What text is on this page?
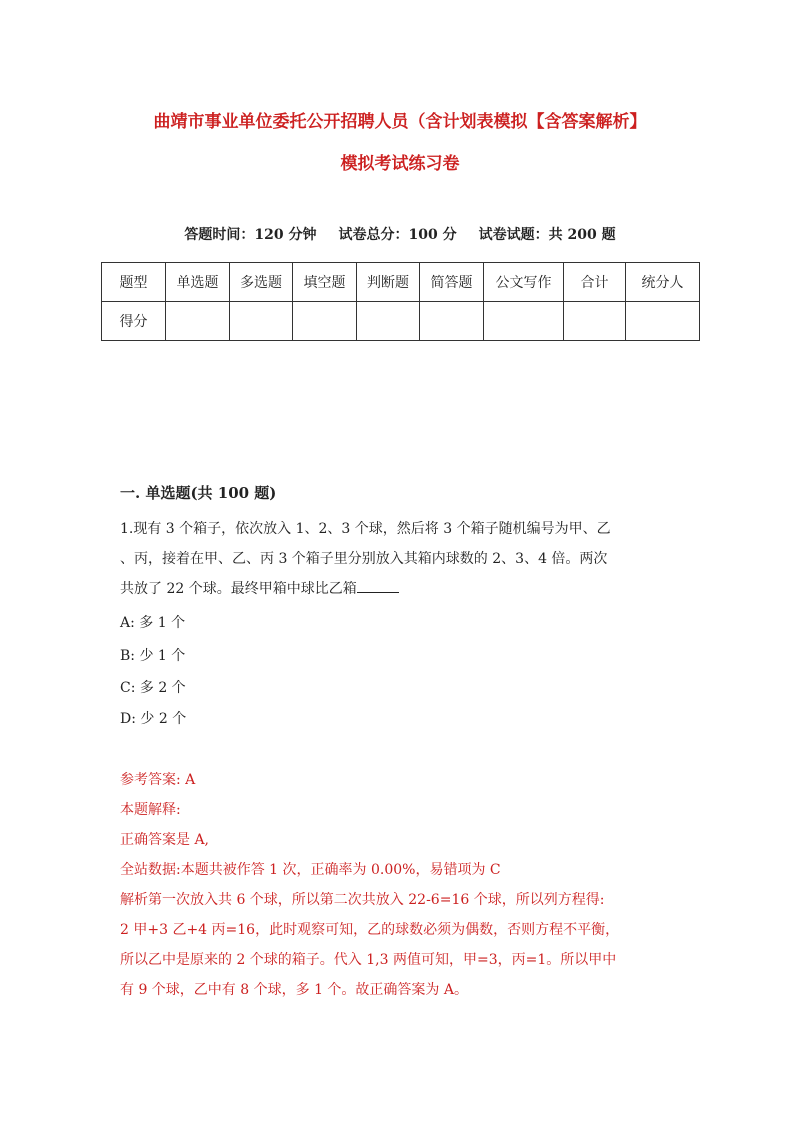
曲靖市事业单位委托公开招聘人员（含计划表模拟【含答案解析】
模拟考试练习卷
答题时间：120 分钟 试卷总分：100 分 试卷试题：共 200 题
题型	单选题	多选题	填空题	判断题	简答题	公文写作	合计	统分人
得分								
一. 单选题(共 100 题)
1.现有 3 个箱子，依次放入 1、2、3 个球，然后将 3 个箱子随机编号为甲、乙
、丙，接着在甲、乙、丙 3 个箱子里分别放入其箱内球数的 2、3、4 倍。两次
共放了 22 个球。最终甲箱中球比乙箱
A: 多 1 个
B: 少 1 个
C: 多 2 个
D: 少 2 个
参考答案: A
本题解释:
正确答案是 A,
全站数据:本题共被作答 1 次，正确率为 0.00%，易错项为 C
解析第一次放入共 6 个球，所以第二次共放入 22-6=16 个球，所以列方程得:
2 甲+3 乙+4 丙=16，此时观察可知，乙的球数必须为偶数，否则方程不平衡，
所以乙中是原来的 2 个球的箱子。代入 1,3 两值可知，甲=3，丙=1。所以甲中
有 9 个球，乙中有 8 个球，多 1 个。故正确答案为 A。
